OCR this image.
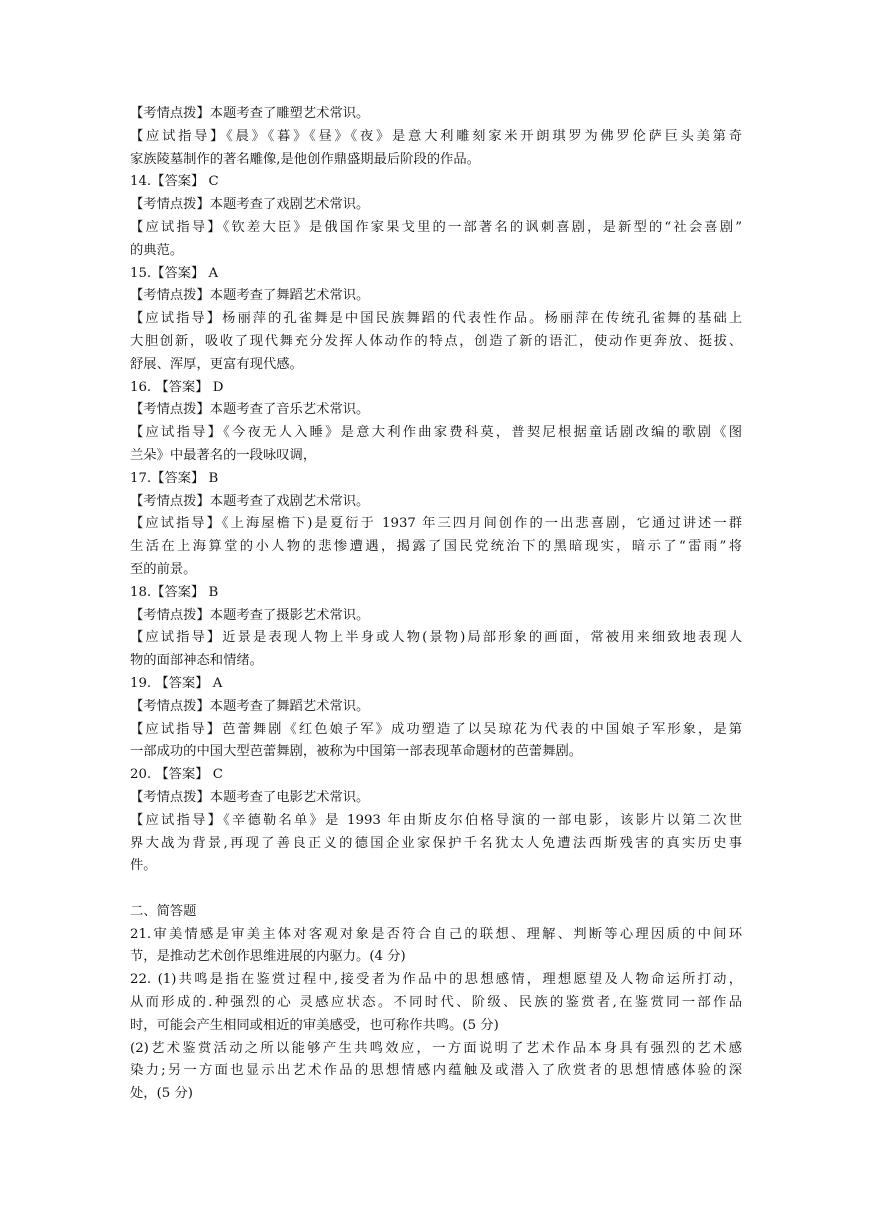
【考情点拨】本题考查了雕塑艺术常识。
【应试指导】《晨》《暮》《昼》《夜》是意大利雕刻家米开朗琪罗为佛罗伦萨巨头美第奇
家族陵墓制作的著名雕像,是他创作鼎盛期最后阶段的作品。
14.【答案】 C
【考情点拨】本题考查了戏剧艺术常识。
【应试指导】《钦差大臣》是俄国作家果戈里的一部著名的讽刺喜剧，是新型的“社会喜剧”
的典范。
15.【答案】 A
【考情点拨】本题考查了舞蹈艺术常识。
【应试指导】杨丽萍的孔雀舞是中国民族舞蹈的代表性作品。杨丽萍在传统孔雀舞的基础上
大胆创新，吸收了现代舞充分发挥人体动作的特点，创造了新的语汇，使动作更奔放、挺拔、
舒展、浑厚，更富有现代感。
16. 【答案】 D
【考情点拨】本题考查了音乐艺术常识。
【应试指导】《今夜无人入睡》是意大利作曲家费科莫，普契尼根据童话剧改编的歌剧《图
兰朵》中最著名的一段咏叹调，
17.【答案】 B
【考情点拨】本题考查了戏剧艺术常识。
【应试指导】《上海屋檐下)是夏衍于 1937 年三四月间创作的一出悲喜剧，它通过讲述一群
生活在上海算堂的小人物的悲惨遭遇，揭露了国民党统治下的黑暗现实，暗示了“雷雨”将
至的前景。
18.【答案】 B
【考情点拨】本题考查了摄影艺术常识。
【应试指导】近景是表现人物上半身或人物(景物)局部形象的画面，常被用来细致地表现人
物的面部神态和情绪。
19. 【答案】 A
【考情点拨】本题考查了舞蹈艺术常识。
【应试指导】芭蕾舞剧《红色娘子军》成功塑造了以吴琼花为代表的中国娘子军形象，是第
一部成功的中国大型芭蕾舞剧，被称为中国第一部表现革命题材的芭蕾舞剧。
20. 【答案】 C
【考情点拨】本题考查了电影艺术常识。
【应试指导】《辛德勒名单》是 1993 年由斯皮尔伯格导演的一部电影，该影片以第二次世
界大战为背景,再现了善良正义的德国企业家保护千名犹太人免遭法西斯残害的真实历史事
件。
二、简答题
21.审美情感是审美主体对客观对象是否符合自己的联想、理解、判断等心理因质的中间环
节，是推动艺术创作思维进展的内驱力。(4 分)
22. (1)共鸣是指在鉴赏过程中,接受者为作品中的思想感情，理想愿望及人物命运所打动，
从而形成的.种强烈的心 灵感应状态。不同时代、阶级、民族的鉴赏者,在鉴赏同一部作品
时，可能会产生相同或相近的审美感受，也可称作共鸣。(5 分)
(2)艺术鉴赏活动之所以能够产生共鸣效应，一方面说明了艺术作品本身具有强烈的艺术感
染力;另一方面也显示出艺术作品的思想情感内蕴触及或潜入了欣赏者的思想情感体验的深
处，(5 分)
